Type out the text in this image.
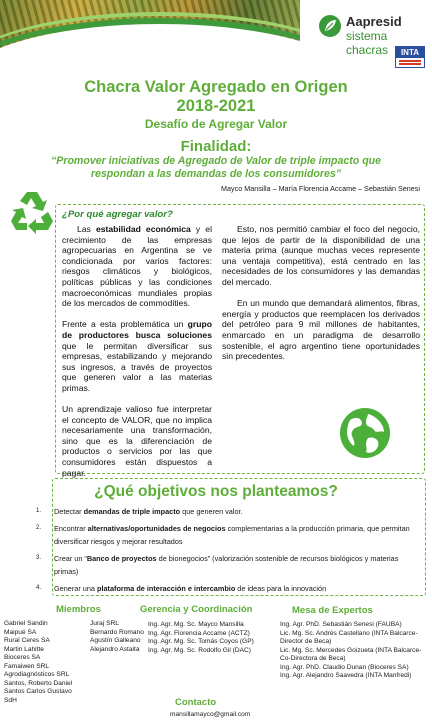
Aapresid
sistema chacras	INTA
Chacra Valor Agregado en Origen
2018-2021
Desafío de Agregar Valor
Finalidad:
“Promover iniciativas de Agregado de Valor de triple impacto que respondan a las demandas de los consumidores”
Mayco Mansilla – María Florencia Accame – Sebastián Senesi
¿Por qué agregar valor?

Las estabilidad económica y el crecimiento de las empresas agropecuarias en Argentina se ve condicionada por varios factores: riesgos climáticos y biológicos, políticas públicas y las condiciones macroeconómicas mundiales propias de los mercados de commodities.

Frente a esta problemática un grupo de productores busca soluciones que le permitan diversificar sus empresas, estabilizando y mejorando sus ingresos, a través de proyectos que generen valor a las materias primas.

Un aprendizaje valioso fue interpretar el concepto de VALOR, que no implica necesariamente una transformación, sino que es la diferenciación de productos o servicios por las que consumidores están dispuestos a pagar.

Esto, nos permitió cambiar el foco del negocio, que lejos de partir de la disponibilidad de una materia prima (aunque muchas veces represente una ventaja competitiva), está centrado en las necesidades de los consumidores y las demandas del mercado.

En un mundo que demandará alimentos, fibras, energía y productos que reemplacen los derivados del petróleo para 9 mil millones de habitantes, enmarcado en un paradigma de desarrollo sostenible, el agro argentino tiene oportunidades sin precedentes.

¿Qué objetivos nos planteamos?
1. Detectar demandas de triple impacto que generen valor.
2. Encontrar alternativas/oportunidades de negocios complementarias a la producción primaria, que permitan diversificar riesgos y mejorar resultados
3. Crear un “Banco de proyectos de bionegocios” (valorización sostenible de recursos biológicos y materias primas)
4. Generar una plataforma de interacción e intercambio de ideas para la innovación
Miembros	Gerencia y Coordinación	Mesa de Expertos
Gabriel Sandin
Maipué SA
Rural Ceres SA
Martin Lahitte
Bioceres SA
Famaiwen SRL
Agrodiagnósticos SRL
Santos, Roberto Daniel
Santos Carlos Gustavo
SdH
Juraj SRL
Bernardo Romano
Agustín Galleano
Alejandro Astaita
Ing. Agr. Mg. Sc. Mayco Mansilla
Ing. Agr. Florencia Accame (ACTZ)
Ing. Agr. Mg. Sc. Tomás Coyos (GP)
Ing. Agr. Mg. Sc. Rodolfo Gil (DAC)
Ing. Agr. PhD. Sebastián Senesi (FAUBA)
Lic. Mg. Sc. Andrés Castellano (INTA Balcarce-
Director de Beca)
Lic. Mg. Sc. Mercedes Goizueta (INTA Balcarce-
Co-Directora de Beca)
Ing. Agr. PhD. Claudio Dunan (Bioceres SA)
Ing. Agr. Alejandro Saavedra (INTA Manfredi)
Contacto
mansillamayco@gmail.com
